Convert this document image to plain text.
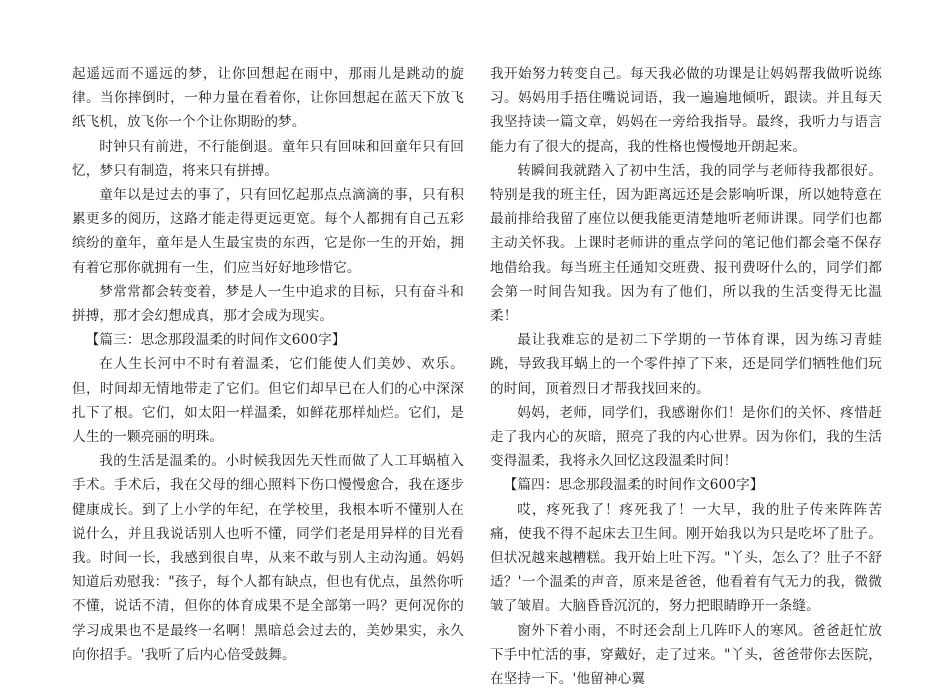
起遥远而不遥远的梦，让你回想起在雨中，那雨儿是跳动的旋律。当你摔倒时，一种力量在看着你，让你回想起在蓝天下放飞纸飞机，放飞你一个个让你期盼的梦。

时钟只有前进，不行能倒退。童年只有回味和回童年只有回忆，梦只有制造，将来只有拼搏。

童年以是过去的事了，只有回忆起那点点滴滴的事，只有积累更多的阅历，这路才能走得更远更宽。每个人都拥有自己五彩缤纷的童年，童年是人生最宝贵的东西，它是你一生的开始，拥有着它那你就拥有一生，们应当好好地珍惜它。

梦常常都会转变着，梦是人一生中追求的目标，只有奋斗和拼搏，那才会幻想成真，那才会成为现实。

【篇三：思念那段温柔的时间作文600字】

在人生长河中不时有着温柔，它们能使人们美妙、欢乐。但，时间却无情地带走了它们。但它们却早已在人们的心中深深扎下了根。它们，如太阳一样温柔，如鲜花那样灿烂。它们，是人生的一颗亮丽的明珠。

我的生活是温柔的。小时候我因先天性而做了人工耳蜗植入手术。手术后，我在父母的细心照料下伤口慢慢愈合，我在逐步健康成长。到了上小学的年纪，在学校里，我根本听不懂别人在说什么，并且我说话别人也听不懂，同学们老是用异样的目光看我。时间一长，我感到很自卑，从来不敢与别人主动沟通。妈妈知道后劝慰我："孩子，每个人都有缺点，但也有优点，虽然你听不懂，说话不清，但你的体育成果不是全部第一吗？更何况你的学习成果也不是最终一名啊！黑暗总会过去的，美妙果实，永久向你招手。'我听了后内心倍受鼓舞。

我开始努力转变自己。每天我必做的功课是让妈妈帮我做听说练习。妈妈用手捂住嘴说词语，我一遍遍地倾听，跟读。并且每天我坚持读一篇文章，妈妈在一旁给我指导。最终，我听力与语言能力有了很大的提高，我的性格也慢慢地开朗起来。

转瞬间我就踏入了初中生活，我的同学与老师待我都很好。特别是我的班主任，因为距离远还是会影响听课，所以她特意在最前排给我留了座位以便我能更清楚地听老师讲课。同学们也都主动关怀我。上课时老师讲的重点学问的笔记他们都会毫不保存地借给我。每当班主任通知交班费、报刊费呀什么的，同学们都会第一时间告知我。因为有了他们，所以我的生活变得无比温柔！

最让我难忘的是初二下学期的一节体育课，因为练习青蛙跳，导致我耳蜗上的一个零件掉了下来，还是同学们牺牲他们玩的时间，顶着烈日才帮我找回来的。

妈妈，老师，同学们，我感谢你们！是你们的关怀、疼惜赶走了我内心的灰暗，照亮了我的内心世界。因为你们，我的生活变得温柔，我将永久回忆这段温柔时间！

【篇四：思念那段温柔的时间作文600字】

哎，疼死我了！疼死我了！一大早，我的肚子传来阵阵苦痛，使我不得不起床去卫生间。刚开始我以为只是吃坏了肚子。但状况越来越糟糕。我开始上吐下泻。"丫头，怎么了？肚子不舒适？'一个温柔的声音，原来是爸爸，他看着有气无力的我，微微皱了皱眉。大脑昏昏沉沉的，努力把眼睛睁开一条缝。

窗外下着小雨，不时还会刮上几阵吓人的寒风。爸爸赶忙放下手中忙活的事，穿戴好，走了过来。"丫头，爸爸带你去医院，在坚持一下。'他留神心翼
